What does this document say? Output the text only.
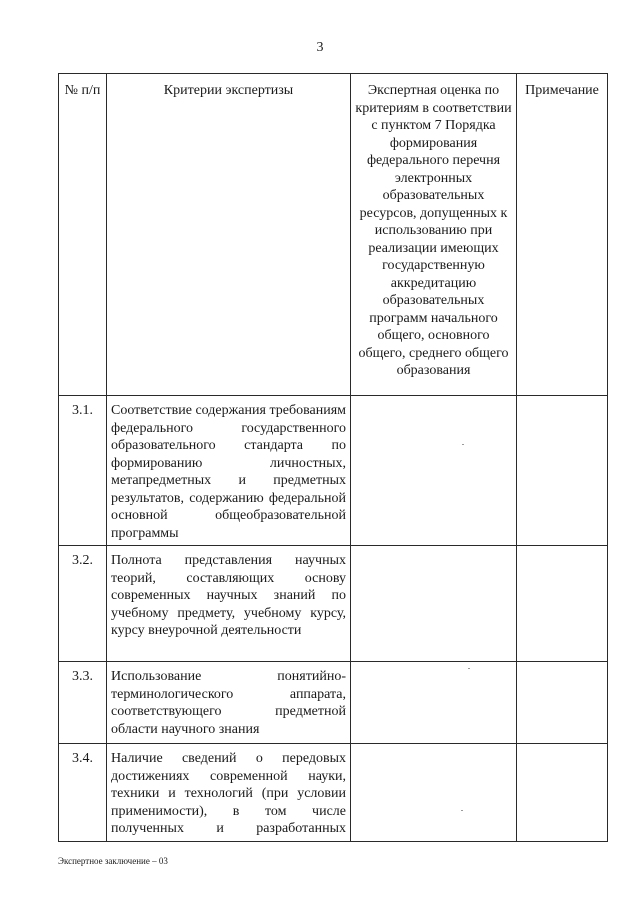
3
№ п/п	Критерии экспертизы	Экспертная оценка по критериям в соответствии с пунктом 7 Порядка формирования федерального перечня электронных образовательных ресурсов, допущенных к использованию при реализации имеющих государственную аккредитацию образовательных программ начального общего, основного общего, среднего общего образования	Примечание
3.1.	Соответствие содержания требованиям федерального государственного образовательного стандарта по формированию личностных, метапредметных и предметных результатов, содержанию федеральной основной общеобразовательной программы		
3.2.	Полнота представления научных теорий, составляющих основу современных научных знаний по учебному предмету, учебному курсу, курсу внеурочной деятельности		
3.3.	Использование понятийно-терминологического аппарата, соответствующего предметной области научного знания		
3.4.	Наличие сведений о передовых достижениях современной науки, техники и технологий (при условии применимости), в том числе полученных и разработанных		
Экспертное заключение – 03
